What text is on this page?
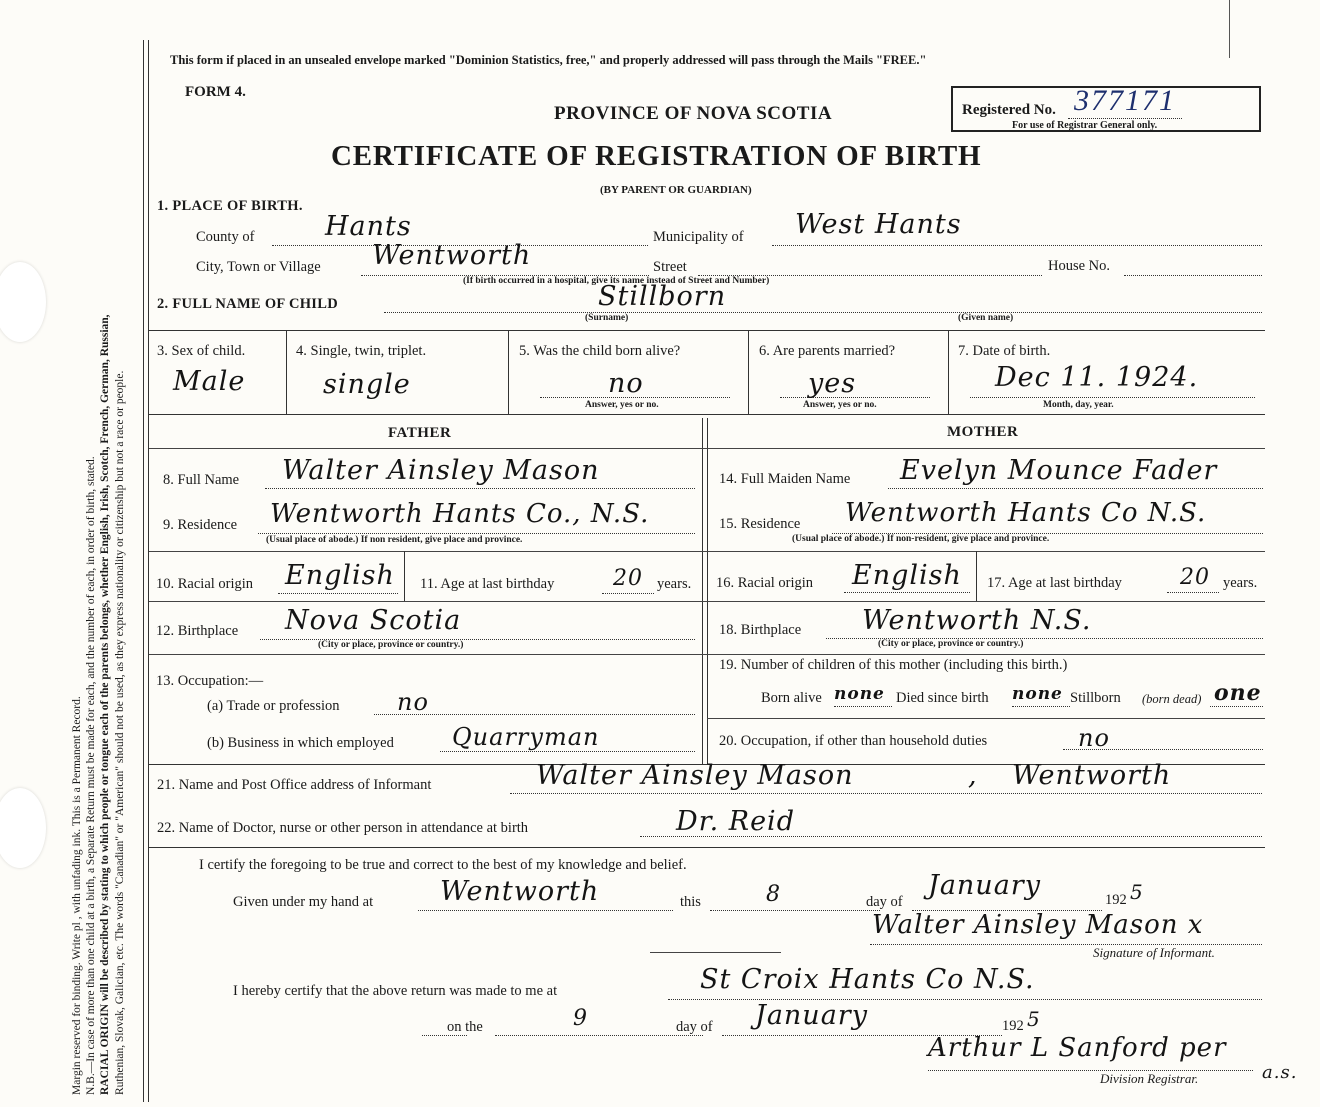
Margin reserved for binding. Write pl , with unfading ink. This is a Permanent Record. N.B.—In case of more than one child at a birth, a Separate Return must be made for each, and the number of each, in order of birth, stated. RACIAL ORIGIN will be described by stating to which people or tongue each of the parents belongs, whether English, Irish, Scotch, French, German, Russian, Ruthenian, Slovak, Galician, etc. The words "Canadian" or "American" should not be used, as they express nationality or citizenship but not a race or people.
This form if placed in an unsealed envelope marked "Dominion Statistics, free," and properly addressed will pass through the Mails "FREE."
FORM 4.
PROVINCE OF NOVA SCOTIA	Registered No. 377171
For use of Registrar General only.
CERTIFICATE OF REGISTRATION OF BIRTH
(BY PARENT OR GUARDIAN)
1. PLACE OF BIRTH.
County of	Hants	Municipality of West Hants
City, Town or Village Wentworth	Street	House No.
(If birth occurred in a hospital, give its name instead of Street and Number)
2. FULL NAME OF CHILD	Stillborn
(Surname)	(Given name)
3. Sex of child.
Male
4. Single, twin, triplet.
single
5. Was the child born alive?
no
Answer, yes or no.
6. Are parents married?
yes
Answer, yes or no.
7. Date of birth.
Dec 11. 1924.
Month, day, year.
FATHER	MOTHER
8. Full Name Walter Ainsley Mason	14. Full Maiden Name Evelyn Mounce Fader
9. Residence Wentworth Hants Co., N.S.
(Usual place of abode.) If non resident, give place and province.
15. Residence Wentworth Hants Co N.S.
(Usual place of abode.) If non-resident, give place and province.
10. Racial origin English 11. Age at last birthday	20 years. 16. Racial origin English 17. Age at last birthday	20 years.
12. Birthplace Nova Scotia
(City or place, province or country.)
18. Birthplace Wentworth N.S.
(City or place, province or country.)
13. Occupation:—
(a) Trade or profession no
(b) Business in which employed Quarryman
19. Number of children of this mother (including this birth.)
Born alive none Died since birth none Stillborn (born dead) one
20. Occupation, if other than household duties	no
21. Name and Post Office address of Informant	Walter Ainsley Mason	, Wentworth
22. Name of Doctor, nurse or other person in attendance at birth	Dr. Reid
I certify the foregoing to be true and correct to the best of my knowledge and belief.
Given under my hand at Wentworth	this	8	day of
January	192 5
Walter Ainsley Mason x
Signature of Informant.
I hereby certify that the above return was made to me at	St Croix Hants Co N.S.
on the	9	day of January	192 5
Arthur L Sanford per
a.s.
Division Registrar.
